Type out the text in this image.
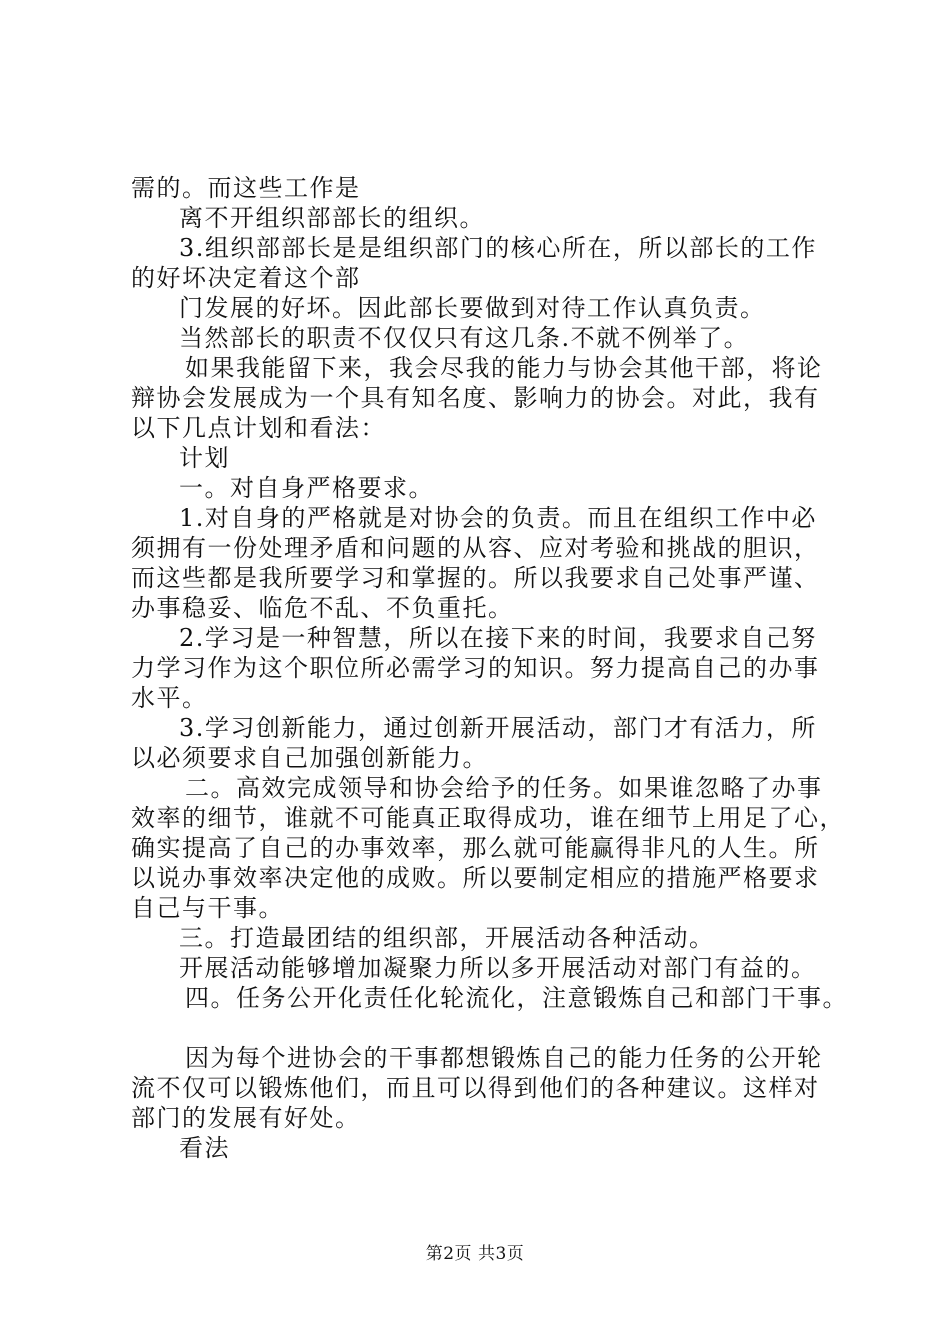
需的。而这些工作是
离不开组织部部长的组织。
3.组织部部长是是组织部门的核心所在，所以部长的工作
的好坏决定着这个部
门发展的好坏。因此部长要做到对待工作认真负责。
当然部长的职责不仅仅只有这几条.不就不例举了。
如果我能留下来，我会尽我的能力与协会其他干部，将论
辩协会发展成为一个具有知名度、影响力的协会。对此，我有
以下几点计划和看法：
计划
一。对自身严格要求。
1.对自身的严格就是对协会的负责。而且在组织工作中必
须拥有一份处理矛盾和问题的从容、应对考验和挑战的胆识，
而这些都是我所要学习和掌握的。所以我要求自己处事严谨、
办事稳妥、临危不乱、不负重托。
2.学习是一种智慧，所以在接下来的时间，我要求自己努
力学习作为这个职位所必需学习的知识。努力提高自己的办事
水平。
3.学习创新能力，通过创新开展活动，部门才有活力，所
以必须要求自己加强创新能力。
二。高效完成领导和协会给予的任务。如果谁忽略了办事
效率的细节，谁就不可能真正取得成功，谁在细节上用足了心，
确实提高了自己的办事效率，那么就可能赢得非凡的人生。所
以说办事效率决定他的成败。所以要制定相应的措施严格要求
自己与干事。
三。打造最团结的组织部，开展活动各种活动。
开展活动能够增加凝聚力所以多开展活动对部门有益的。
四。任务公开化责任化轮流化，注意锻炼自己和部门干事。
因为每个进协会的干事都想锻炼自己的能力任务的公开轮
流不仅可以锻炼他们，而且可以得到他们的各种建议。这样对
部门的发展有好处。
看法
第2页 共3页
